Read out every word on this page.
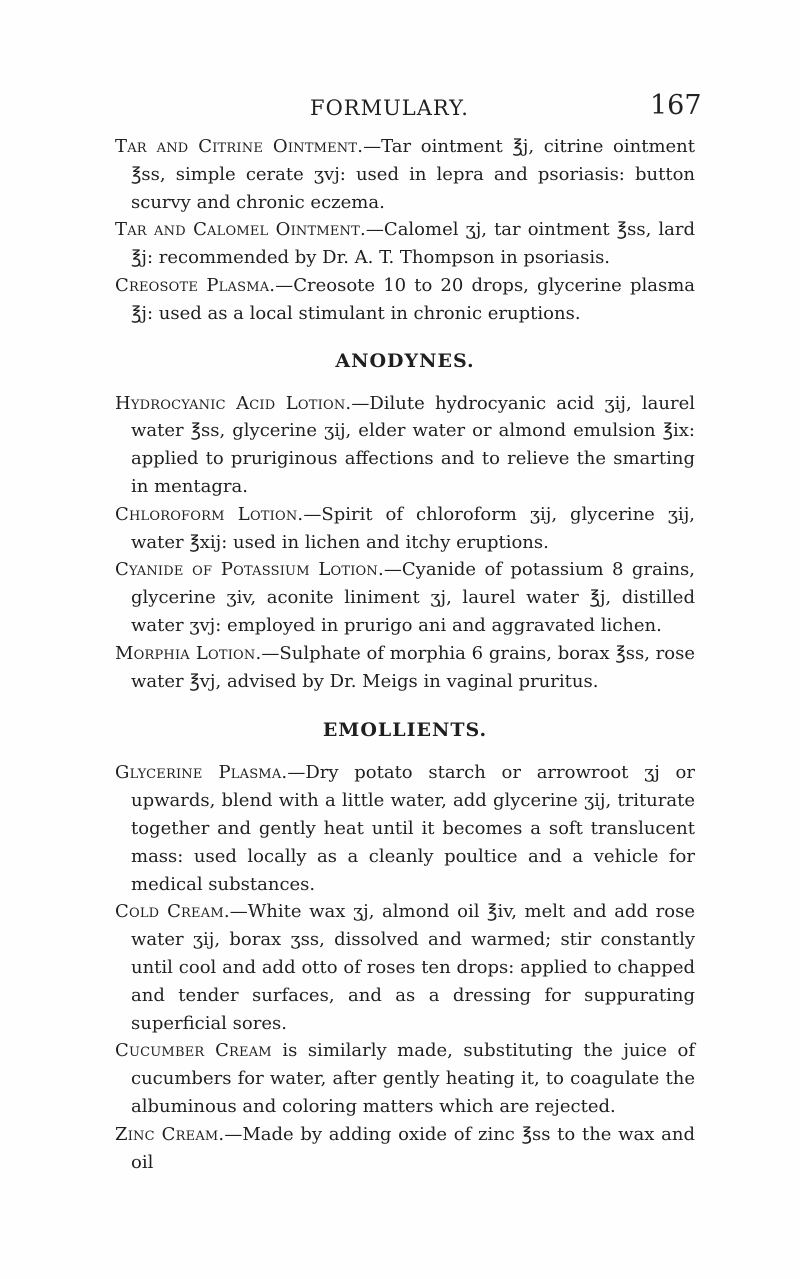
FORMULARY.	167

Tar and Citrine Ointment.—Tar ointment ℥j, citrine ointment ℥ss, simple cerate ʒvj: used in lepra and psoriasis: button scurvy and chronic eczema.

Tar and Calomel Ointment.—Calomel ʒj, tar ointment ℥ss, lard ℥j: recommended by Dr. A. T. Thompson in psoriasis.

Creosote Plasma.—Creosote 10 to 20 drops, glycerine plasma ℥j: used as a local stimulant in chronic eruptions.

ANODYNES.

Hydrocyanic Acid Lotion.—Dilute hydrocyanic acid ʒij, laurel water ℥ss, glycerine ʒij, elder water or almond emulsion ℥ix: applied to pruriginous affections and to relieve the smarting in mentagra.

Chloroform Lotion.—Spirit of chloroform ʒij, glycerine ʒij, water ℥xij: used in lichen and itchy eruptions.

Cyanide of Potassium Lotion.—Cyanide of potassium 8 grains, glycerine ʒiv, aconite liniment ʒj, laurel water ℥j, distilled water ʒvj: employed in prurigo ani and aggravated lichen.

Morphia Lotion.—Sulphate of morphia 6 grains, borax ℥ss, rose water ℥vj, advised by Dr. Meigs in vaginal pruritus.

EMOLLIENTS.

Glycerine Plasma.—Dry potato starch or arrowroot ʒj or upwards, blend with a little water, add glycerine ʒij, triturate together and gently heat until it becomes a soft translucent mass: used locally as a cleanly poultice and a vehicle for medical substances.

Cold Cream.—White wax ʒj, almond oil ℥iv, melt and add rose water ʒij, borax ʒss, dissolved and warmed; stir constantly until cool and add otto of roses ten drops: applied to chapped and tender surfaces, and as a dressing for suppurating superficial sores.

Cucumber Cream is similarly made, substituting the juice of cucumbers for water, after gently heating it, to coagulate the albuminous and coloring matters which are rejected.

Zinc Cream.—Made by adding oxide of zinc ℥ss to the wax and oil
